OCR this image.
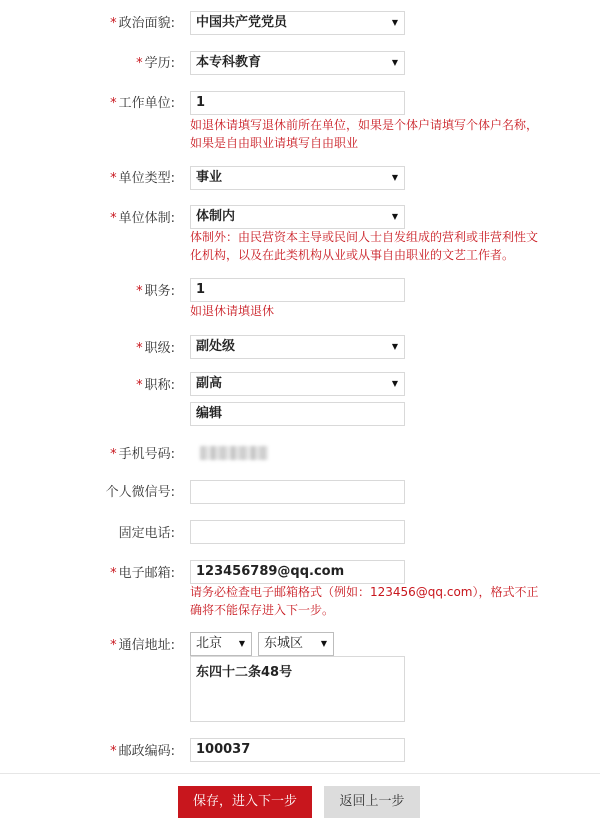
* 政治面貌:	中国共产党党员	▼
* 学历:	本专科教育	▼
* 工作单位:	1
如退休请填写退休前所在单位，如果是个体户请填写个体户名称，
如果是自由职业请填写自由职业
* 单位类型:	事业	▼
* 单位体制:	体制内	▼
体制外：由民营资本主导或民间人士自发组成的营利或非营利性文
化机构，以及在此类机构从业或从事自由职业的文艺工作者。
* 职务:	1
如退休请填退休
* 职级:	副处级	▼
* 职称:	副高	▼
编辑
* 手机号码:
个人微信号:
固定电话:
* 电子邮箱:	123456789@qq.com
请务必检查电子邮箱格式（例如：123456@qq.com），格式不正
确将不能保存进入下一步。
* 通信地址:	北京 ▼	东城区 ▼
东四十二条48号
* 邮政编码:	100037
保存，进入下一步	返回上一步
